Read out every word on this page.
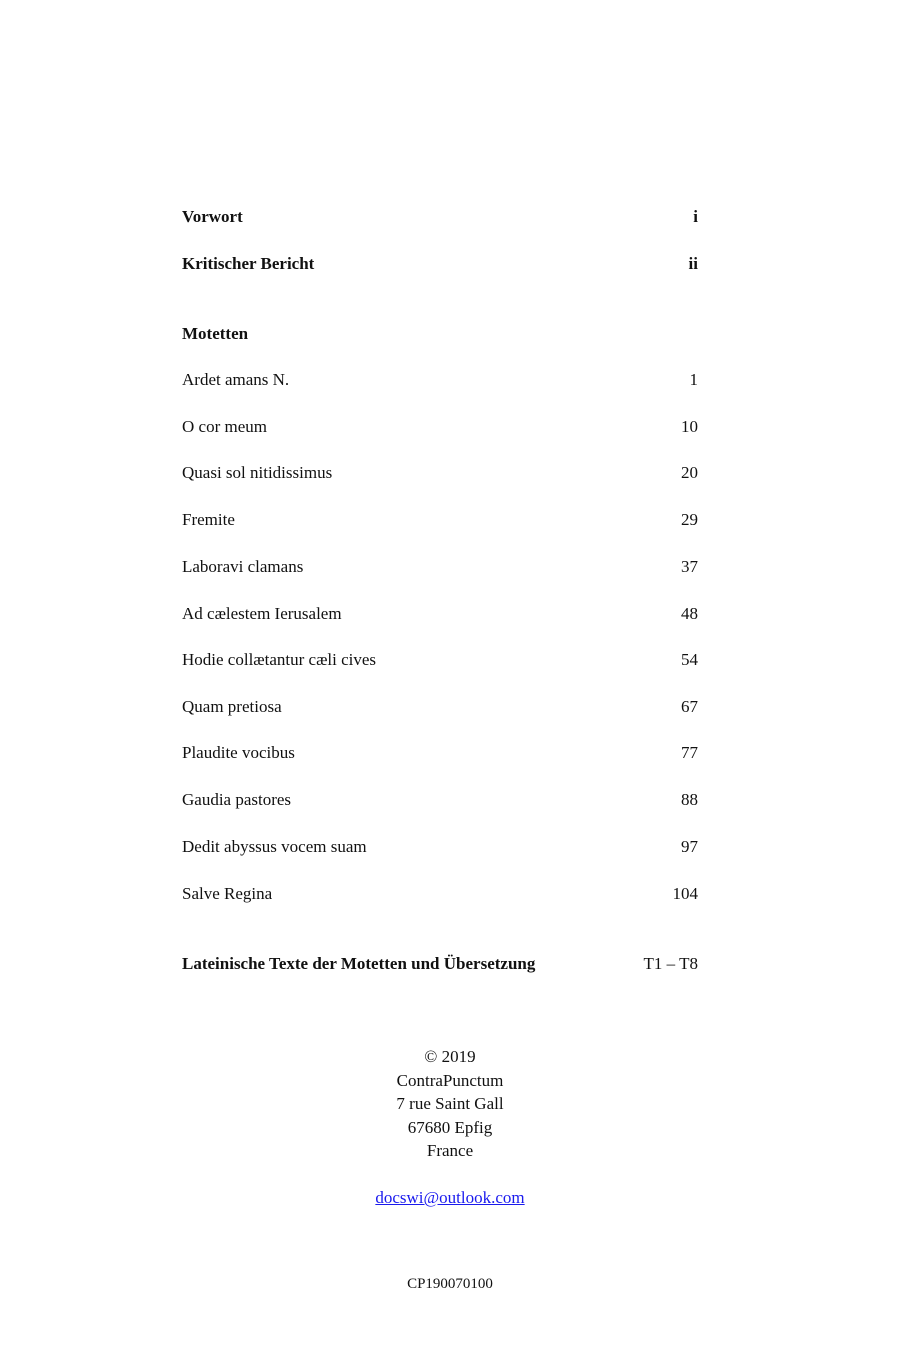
Vorwort	i
Kritischer Bericht	ii
Motetten
Ardet amans N.	1
O cor meum	10
Quasi sol nitidissimus	20
Fremite	29
Laboravi clamans	37
Ad cælestem Ierusalem	48
Hodie collætantur cæli cives	54
Quam pretiosa	67
Plaudite vocibus	77
Gaudia pastores	88
Dedit abyssus vocem suam	97
Salve Regina	104
Lateinische Texte der Motetten und Übersetzung	T1 – T8
© 2019
ContraPunctum
7 rue Saint Gall
67680 Epfig
France
docswi@outlook.com
CP190070100
